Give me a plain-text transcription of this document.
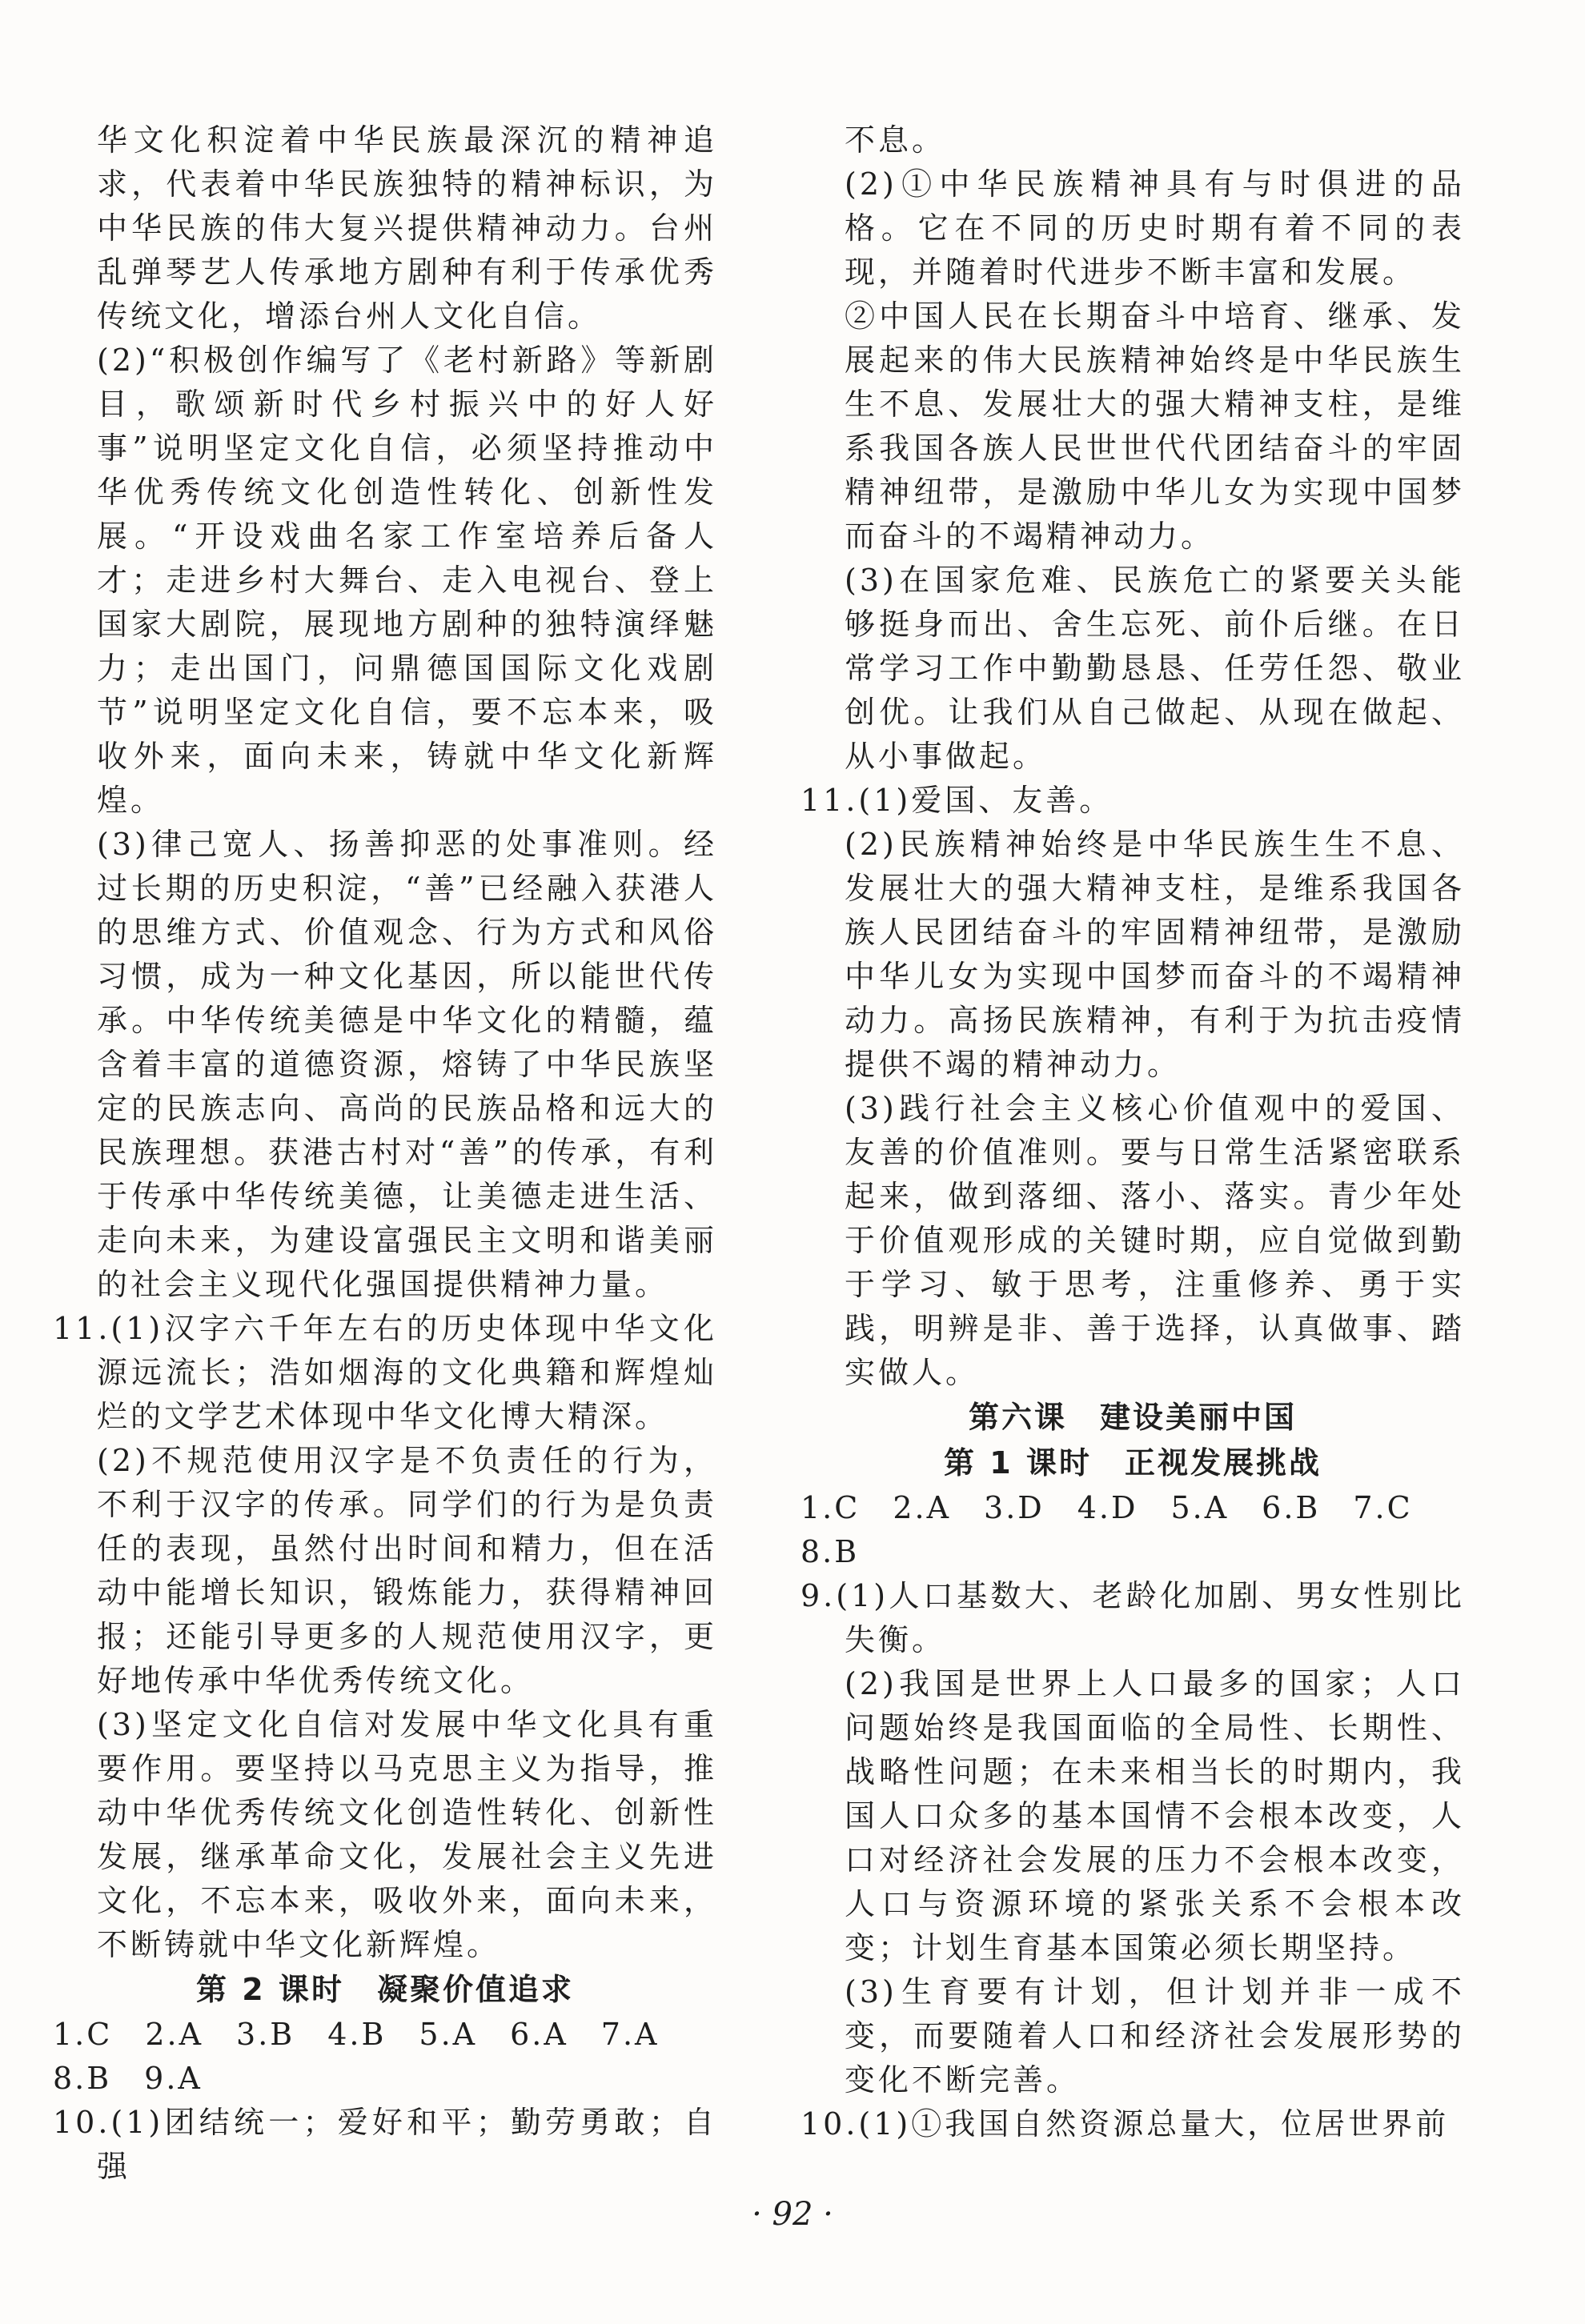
华文化积淀着中华民族最深沉的精神追求，代表着中华民族独特的精神标识，为中华民族的伟大复兴提供精神动力。台州乱弹琴艺人传承地方剧种有利于传承优秀传统文化，增添台州人文化自信。

(2)“积极创作编写了《老村新路》等新剧目，歌颂新时代乡村振兴中的好人好事”说明坚定文化自信，必须坚持推动中华优秀传统文化创造性转化、创新性发展。“开设戏曲名家工作室培养后备人才；走进乡村大舞台、走入电视台、登上国家大剧院，展现地方剧种的独特演绎魅力；走出国门，问鼎德国国际文化戏剧节”说明坚定文化自信，要不忘本来，吸收外来，面向未来，铸就中华文化新辉煌。

(3)律己宽人、扬善抑恶的处事准则。经过长期的历史积淀，“善”已经融入获港人的思维方式、价值观念、行为方式和风俗习惯，成为一种文化基因，所以能世代传承。中华传统美德是中华文化的精髓，蕴含着丰富的道德资源，熔铸了中华民族坚定的民族志向、高尚的民族品格和远大的民族理想。获港古村对“善”的传承，有利于传承中华传统美德，让美德走进生活、走向未来，为建设富强民主文明和谐美丽的社会主义现代化强国提供精神力量。

11.(1)汉字六千年左右的历史体现中华文化源远流长；浩如烟海的文化典籍和辉煌灿烂的文学艺术体现中华文化博大精深。

(2)不规范使用汉字是不负责任的行为，不利于汉字的传承。同学们的行为是负责任的表现，虽然付出时间和精力，但在活动中能增长知识，锻炼能力，获得精神回报；还能引导更多的人规范使用汉字，更好地传承中华优秀传统文化。

(3)坚定文化自信对发展中华文化具有重要作用。要坚持以马克思主义为指导，推动中华优秀传统文化创造性转化、创新性发展，继承革命文化，发展社会主义先进文化，不忘本来，吸收外来，面向未来，不断铸就中华文化新辉煌。

第 2 课时　凝聚价值追求

1.C　2.A　3.B　4.B　5.A　6.A　7.A

8.B　9.A

10.(1)团结统一；爱好和平；勤劳勇敢；自强

不息。

(2)①中华民族精神具有与时俱进的品格。它在不同的历史时期有着不同的表现，并随着时代进步不断丰富和发展。

②中国人民在长期奋斗中培育、继承、发展起来的伟大民族精神始终是中华民族生生不息、发展壮大的强大精神支柱，是维系我国各族人民世世代代团结奋斗的牢固精神纽带，是激励中华儿女为实现中国梦而奋斗的不竭精神动力。

(3)在国家危难、民族危亡的紧要关头能够挺身而出、舍生忘死、前仆后继。在日常学习工作中勤勤恳恳、任劳任怨、敬业创优。让我们从自己做起、从现在做起、从小事做起。

11.(1)爱国、友善。

(2)民族精神始终是中华民族生生不息、发展壮大的强大精神支柱，是维系我国各族人民团结奋斗的牢固精神纽带，是激励中华儿女为实现中国梦而奋斗的不竭精神动力。高扬民族精神，有利于为抗击疫情提供不竭的精神动力。

(3)践行社会主义核心价值观中的爱国、友善的价值准则。要与日常生活紧密联系起来，做到落细、落小、落实。青少年处于价值观形成的关键时期，应自觉做到勤于学习、敏于思考，注重修养、勇于实践，明辨是非、善于选择，认真做事、踏实做人。

第六课　建设美丽中国

第 1 课时　正视发展挑战

1.C　2.A　3.D　4.D　5.A　6.B　7.C

8.B

9.(1)人口基数大、老龄化加剧、男女性别比失衡。

(2)我国是世界上人口最多的国家；人口问题始终是我国面临的全局性、长期性、战略性问题；在未来相当长的时期内，我国人口众多的基本国情不会根本改变，人口对经济社会发展的压力不会根本改变，人口与资源环境的紧张关系不会根本改变；计划生育基本国策必须长期坚持。

(3)生育要有计划，但计划并非一成不变，而要随着人口和经济社会发展形势的变化不断完善。

10.(1)①我国自然资源总量大，位居世界前

· 92 ·
